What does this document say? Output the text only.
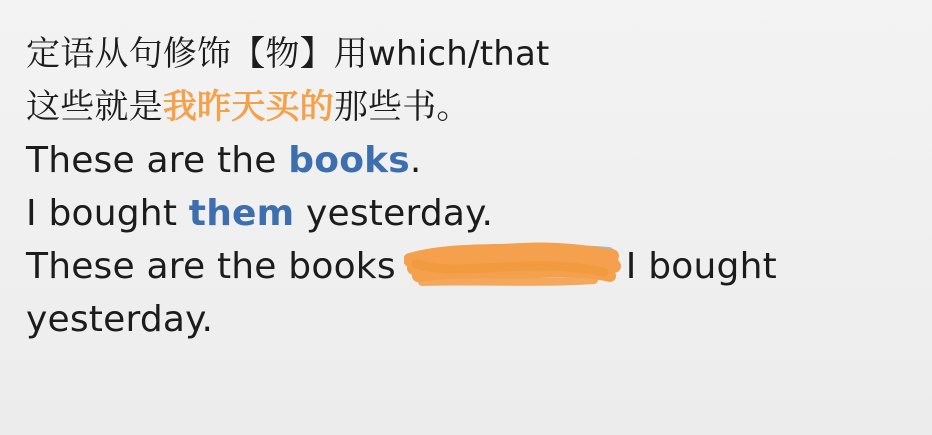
定语从句修饰【物】用which/that
这些就是我昨天买的那些书。
These are the books.
I bought them yesterday.
These are the books	I bought
yesterday.
